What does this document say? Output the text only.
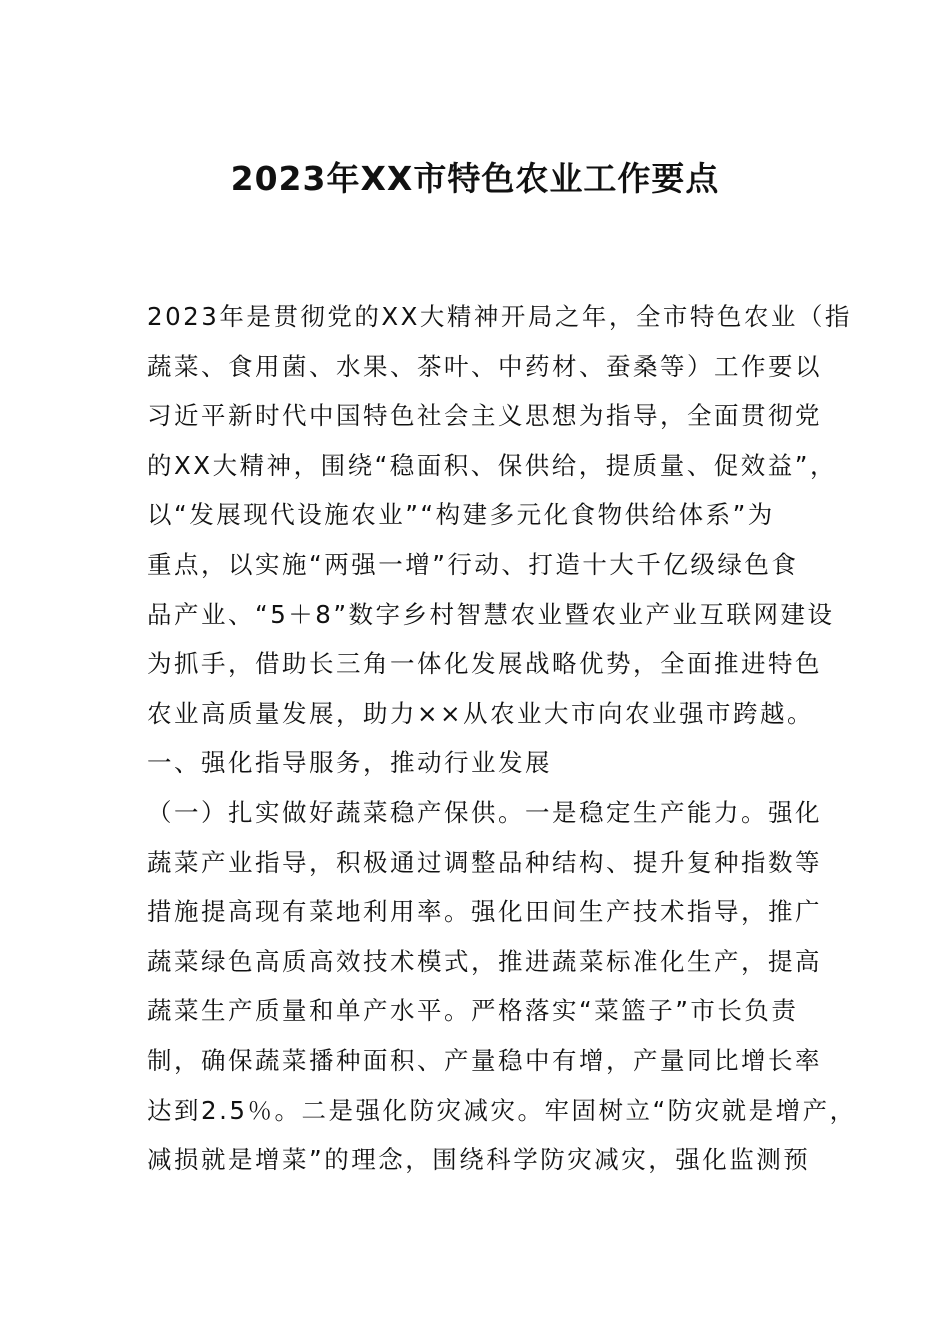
2023年XX市特色农业工作要点
2023年是贯彻党的XX大精神开局之年，全市特色农业（指
蔬菜、食用菌、水果、茶叶、中药材、蚕桑等）工作要以
习近平新时代中国特色社会主义思想为指导，全面贯彻党
的XX大精神，围绕“稳面积、保供给，提质量、促效益”，
以“发展现代设施农业”“构建多元化食物供给体系”为
重点，以实施“两强一增”行动、打造十大千亿级绿色食
品产业、“5＋8”数字乡村智慧农业暨农业产业互联网建设
为抓手，借助长三角一体化发展战略优势，全面推进特色
农业高质量发展，助力××从农业大市向农业强市跨越。
一、强化指导服务，推动行业发展
（一）扎实做好蔬菜稳产保供。一是稳定生产能力。强化
蔬菜产业指导，积极通过调整品种结构、提升复种指数等
措施提高现有菜地利用率。强化田间生产技术指导，推广
蔬菜绿色高质高效技术模式，推进蔬菜标准化生产，提高
蔬菜生产质量和单产水平。严格落实“菜篮子”市长负责
制，确保蔬菜播种面积、产量稳中有增，产量同比增长率
达到2.5％。二是强化防灾减灾。牢固树立“防灾就是增产，
减损就是增菜”的理念，围绕科学防灾减灾，强化监测预
